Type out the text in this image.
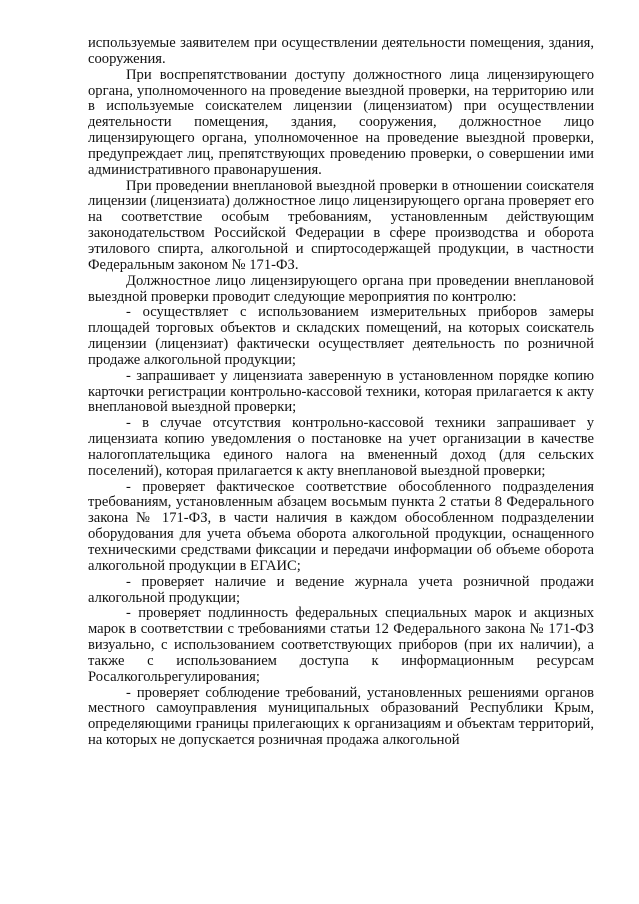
используемые заявителем при осуществлении деятельности помещения, здания, сооружения.

При воспрепятствовании доступу должностного лица лицензирующего органа, уполномоченного на проведение выездной проверки, на территорию или в используемые соискателем лицензии (лицензиатом) при осуществлении деятельности помещения, здания, сооружения, должностное лицо лицензирующего органа, уполномоченное на проведение выездной проверки, предупреждает лиц, препятствующих проведению проверки, о совершении ими административного правонарушения.

При проведении внеплановой выездной проверки в отношении соискателя лицензии (лицензиата) должностное лицо лицензирующего органа проверяет его на соответствие особым требованиям, установленным действующим законодательством Российской Федерации в сфере производства и оборота этилового спирта, алкогольной и спиртосодержащей продукции, в частности Федеральным законом № 171-ФЗ.

Должностное лицо лицензирующего органа при проведении внеплановой выездной проверки проводит следующие мероприятия по контролю:

- осуществляет с использованием измерительных приборов замеры площадей торговых объектов и складских помещений, на которых соискатель лицензии (лицензиат) фактически осуществляет деятельность по розничной продаже алкогольной продукции;

- запрашивает у лицензиата заверенную в установленном порядке копию карточки регистрации контрольно-кассовой техники, которая прилагается к акту внеплановой выездной проверки;

- в случае отсутствия контрольно-кассовой техники запрашивает у лицензиата копию уведомления о постановке на учет организации в качестве налогоплательщика единого налога на вмененный доход (для сельских поселений), которая прилагается к акту внеплановой выездной проверки;

- проверяет фактическое соответствие обособленного подразделения требованиям, установленным абзацем восьмым пункта 2 статьи 8 Федерального закона № 171-ФЗ, в части наличия в каждом обособленном подразделении оборудования для учета объема оборота алкогольной продукции, оснащенного техническими средствами фиксации и передачи информации об объеме оборота алкогольной продукции в ЕГАИС;

- проверяет наличие и ведение журнала учета розничной продажи алкогольной продукции;

- проверяет подлинность федеральных специальных марок и акцизных марок в соответствии с требованиями статьи 12 Федерального закона № 171-ФЗ визуально, с использованием соответствующих приборов (при их наличии), а также с использованием доступа к информационным ресурсам Росалкогольрегулирования;

- проверяет соблюдение требований, установленных решениями органов местного самоуправления муниципальных образований Республики Крым, определяющими границы прилегающих к организациям и объектам территорий, на которых не допускается розничная продажа алкогольной
